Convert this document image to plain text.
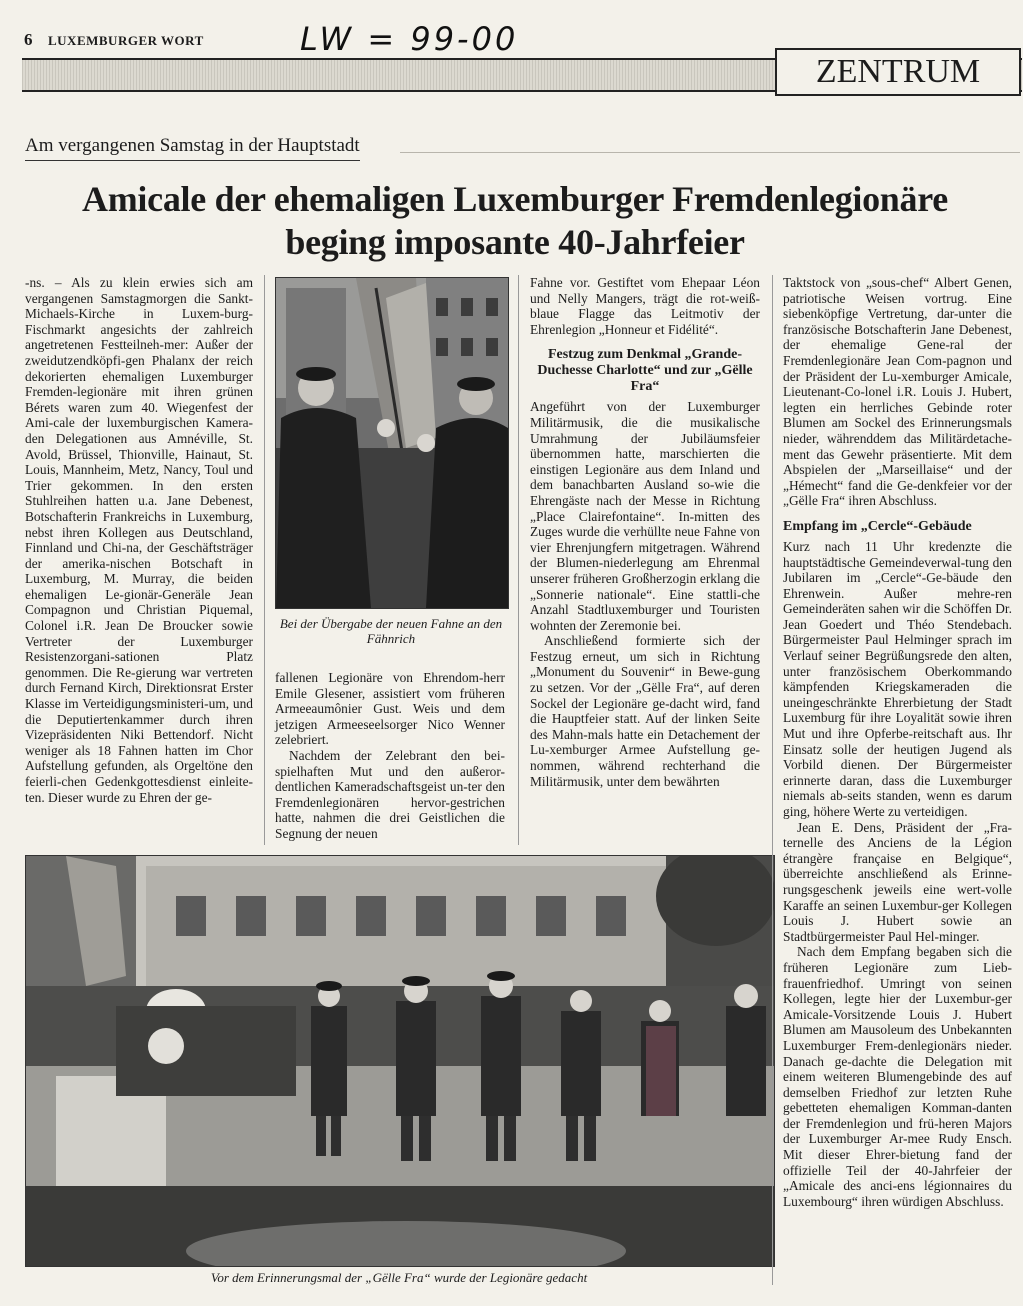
6 LUXEMBURGER WORT	LW = 99-00
ZENTRUM
Am vergangenen Samstag in der Hauptstadt
Amicale der ehemaligen Luxemburger Fremdenlegionäre
beging imposante 40-Jahrfeier

-ns. – Als zu klein erwies sich am vergangenen Samstagmorgen die Sankt-Michaels-Kirche in Luxem-burg-Fischmarkt angesichts der zahlreich angetretenen Festteilneh-mer: Außer der zweidutzendköpfi-gen Phalanx der reich dekorierten ehemaligen Luxemburger Fremden-legionäre mit ihren grünen Bérets waren zum 40. Wiegenfest der Ami-cale der luxemburgischen Kamera-den Delegationen aus Amnéville, St. Avold, Brüssel, Thionville, Hainaut, St. Louis, Mannheim, Metz, Nancy, Toul und Trier gekommen. In den ersten Stuhlreihen hatten u.a. Jane Debenest, Botschafterin Frankreichs in Luxemburg, nebst ihren Kollegen aus Deutschland, Finnland und Chi-na, der Geschäftsträger der amerika-nischen Botschaft in Luxemburg, M. Murray, die beiden ehemaligen Le-gionär-Generäle Jean Compagnon und Christian Piquemal, Colonel i.R. Jean De Broucker sowie Vertreter der Luxemburger Resistenzorgani-sationen Platz genommen. Die Re-gierung war vertreten durch Fernand Kirch, Direktionsrat Erster Klasse im Verteidigungsministeri-um, und die Deputiertenkammer durch ihren Vizepräsidenten Niki Bettendorf. Nicht weniger als 18 Fahnen hatten im Chor Aufstellung gefunden, als Orgeltöne den feierli-chen Gedenkgottesdienst einleite-ten. Dieser wurde zu Ehren der ge-

Bei der Übergabe der neuen Fahne an den Fähnrich

fallenen Legionäre von Ehrendom-herr Emile Glesener, assistiert vom früheren Armeeaumônier Gust. Weis und dem jetzigen Armeeseelsorger Nico Wenner zelebriert.

Nachdem der Zelebrant den bei-spielhaften Mut und den außeror-dentlichen Kameradschaftsgeist un-ter den Fremdenlegionären hervor-gestrichen hatte, nahmen die drei Geistlichen die Segnung der neuen

Fahne vor. Gestiftet vom Ehepaar Léon und Nelly Mangers, trägt die rot-weiß-blaue Flagge das Leitmotiv der Ehrenlegion „Honneur et Fidélité“.

Festzug zum Denkmal „Grande-Duchesse Charlotte“ und zur „Gëlle Fra“

Angeführt von der Luxemburger Militärmusik, die die musikalische Umrahmung der Jubiläumsfeier übernommen hatte, marschierten die einstigen Legionäre aus dem Inland und dem banachbarten Ausland so-wie die Ehrengäste nach der Messe in Richtung „Place Clairefontaine“. In-mitten des Zuges wurde die verhüllte neue Fahne von vier Ehrenjungfern mitgetragen. Während der Blumen-niederlegung am Ehrenmal unserer früheren Großherzogin erklang die „Sonnerie nationale“. Eine stattli-che Anzahl Stadtluxemburger und Touristen wohnten der Zeremonie bei.

Anschließend formierte sich der Festzug erneut, um sich in Richtung „Monument du Souvenir“ in Bewe-gung zu setzen. Vor der „Gëlle Fra“, auf deren Sockel der Legionäre ge-dacht wird, fand die Hauptfeier statt. Auf der linken Seite des Mahn-mals hatte ein Detachement der Lu-xemburger Armee Aufstellung ge-nommen, während rechterhand die Militärmusik, unter dem bewährten

Taktstock von „sous-chef“ Albert Genen, patriotische Weisen vortrug. Eine siebenköpfige Vertretung, dar-unter die französische Botschafterin Jane Debenest, der ehemalige Gene-ral der Fremdenlegionäre Jean Com-pagnon und der Präsident der Lu-xemburger Amicale, Lieutenant-Co-lonel i.R. Louis J. Hubert, legten ein herrliches Gebinde roter Blumen am Sockel des Erinnerungsmals nieder, währenddem das Militärdetache-ment das Gewehr präsentierte. Mit dem Abspielen der „Marseillaise“ und der „Hémecht“ fand die Ge-denkfeier vor der „Gëlle Fra“ ihren Abschluss.

Empfang im „Cercle“-Gebäude

Kurz nach 11 Uhr kredenzte die hauptstädtische Gemeindeverwal-tung den Jubilaren im „Cercle“-Ge-bäude den Ehrenwein. Außer mehre-ren Gemeinderäten sahen wir die Schöffen Dr. Jean Goedert und Théo Stendebach. Bürgermeister Paul Helminger sprach im Verlauf seiner Begrüßungsrede den alten, unter französischem Oberkommando kämpfenden Kriegskameraden die uneingeschränkte Ehrerbietung der Stadt Luxemburg für ihre Loyalität sowie ihren Mut und ihre Opferbe-reitschaft aus. Ihr Einsatz solle der heutigen Jugend als Vorbild dienen. Der Bürgermeister erinnerte daran, dass die Luxemburger niemals ab-seits standen, wenn es darum ging, höhere Werte zu verteidigen.

Jean E. Dens, Präsident der „Fra-ternelle des Anciens de la Légion étrangère française en Belgique“, überreichte anschließend als Erinne-rungsgeschenk jeweils eine wert-volle Karaffe an seinen Luxembur-ger Kollegen Louis J. Hubert sowie an Stadtbürgermeister Paul Hel-minger.

Nach dem Empfang begaben sich die früheren Legionäre zum Lieb-frauenfriedhof. Umringt von seinen Kollegen, legte hier der Luxembur-ger Amicale-Vorsitzende Louis J. Hubert Blumen am Mausoleum des Unbekannten Luxemburger Frem-denlegionärs nieder. Danach ge-dachte die Delegation mit einem weiteren Blumengebinde des auf demselben Friedhof zur letzten Ruhe gebetteten ehemaligen Komman-danten der Fremdenlegion und frü-heren Majors der Luxemburger Ar-mee Rudy Ensch. Mit dieser Ehrer-bietung fand der offizielle Teil der 40-Jahrfeier der „Amicale des anci-ens légionnaires du Luxembourg“ ihren würdigen Abschluss.

Vor dem Erinnerungsmal der „Gëlle Fra“ wurde der Legionäre gedacht
